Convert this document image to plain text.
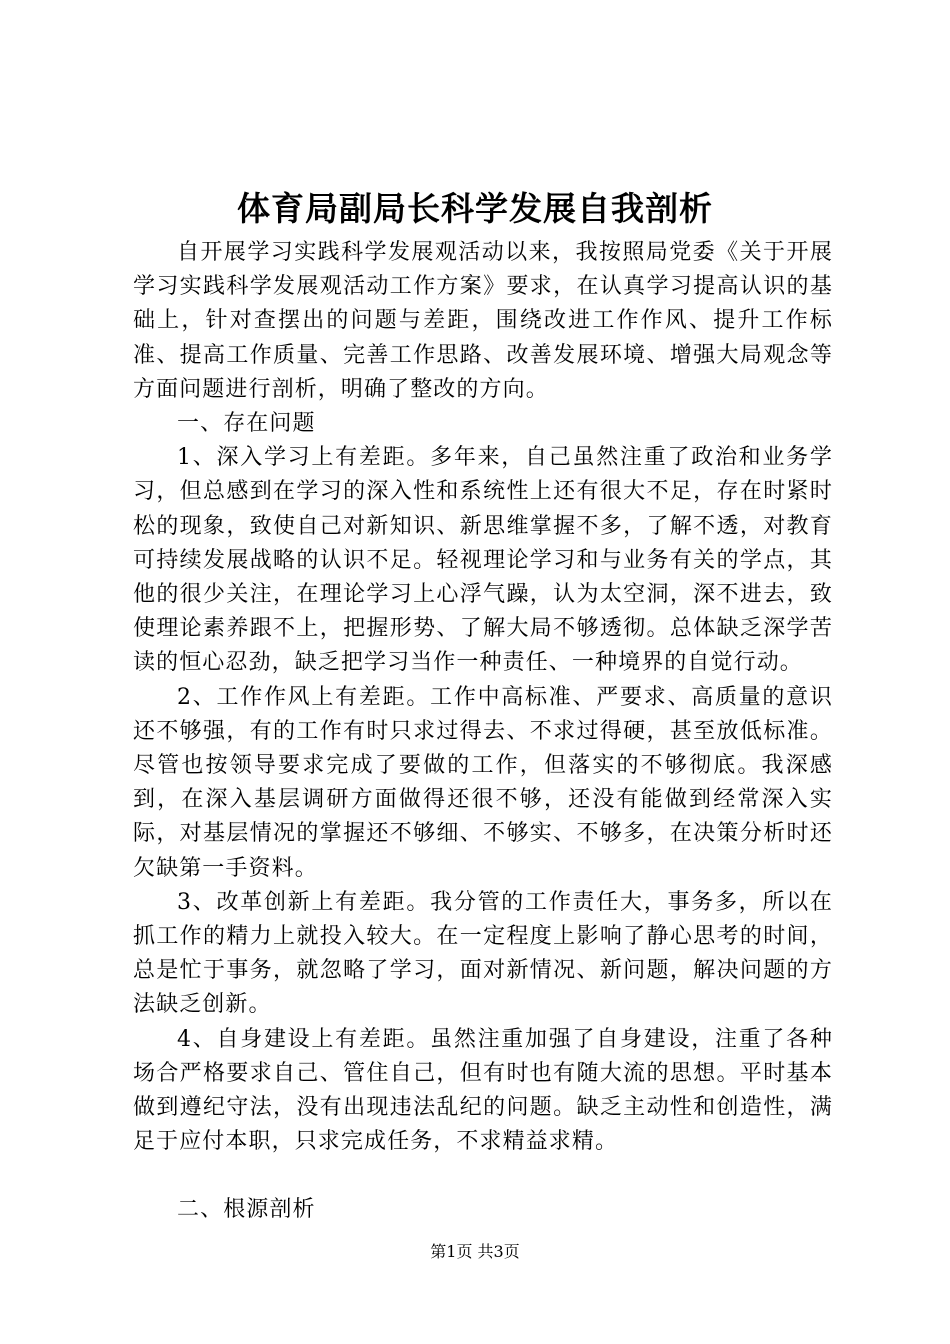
体育局副局长科学发展自我剖析

自开展学习实践科学发展观活动以来，我按照局党委《关于开展学习实践科学发展观活动工作方案》要求，在认真学习提高认识的基础上，针对查摆出的问题与差距，围绕改进工作作风、提升工作标准、提高工作质量、完善工作思路、改善发展环境、增强大局观念等方面问题进行剖析，明确了整改的方向。

一、存在问题

1、深入学习上有差距。多年来，自己虽然注重了政治和业务学习，但总感到在学习的深入性和系统性上还有很大不足，存在时紧时松的现象，致使自己对新知识、新思维掌握不多，了解不透，对教育可持续发展战略的认识不足。轻视理论学习和与业务有关的学点，其他的很少关注，在理论学习上心浮气躁，认为太空洞，深不进去，致使理论素养跟不上，把握形势、了解大局不够透彻。总体缺乏深学苦读的恒心忍劲，缺乏把学习当作一种责任、一种境界的自觉行动。

2、工作作风上有差距。工作中高标准、严要求、高质量的意识还不够强，有的工作有时只求过得去、不求过得硬，甚至放低标准。尽管也按领导要求完成了要做的工作，但落实的不够彻底。我深感到，在深入基层调研方面做得还很不够，还没有能做到经常深入实际，对基层情况的掌握还不够细、不够实、不够多，在决策分析时还欠缺第一手资料。

3、改革创新上有差距。我分管的工作责任大，事务多，所以在抓工作的精力上就投入较大。在一定程度上影响了静心思考的时间，总是忙于事务，就忽略了学习，面对新情况、新问题，解决问题的方法缺乏创新。

4、自身建设上有差距。虽然注重加强了自身建设，注重了各种场合严格要求自己、管住自己，但有时也有随大流的思想。平时基本做到遵纪守法，没有出现违法乱纪的问题。缺乏主动性和创造性，满足于应付本职，只求完成任务，不求精益求精。

二、根源剖析

第1页 共3页
